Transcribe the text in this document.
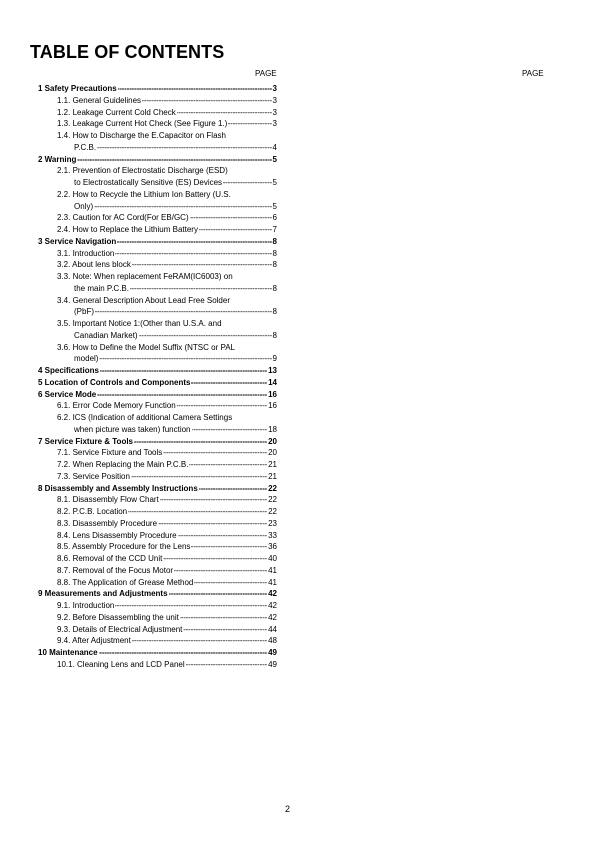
TABLE OF CONTENTS
PAGE	PAGE
1 Safety Precautions -----	3
1.1. General Guidelines -----	3
1.2. Leakage Current Cold Check -----	3
1.3. Leakage Current Hot Check (See Figure 1.) -----	3
1.4. How to Discharge the E.Capacitor on Flash
P.C.B. -----	4
2 Warning -----	5
2.1. Prevention of Electrostatic Discharge (ESD)
to Electrostatically Sensitive (ES) Devices -----	5
2.2. How to Recycle the Lithium Ion Battery (U.S.
Only) -----	5
2.3. Caution for AC Cord(For EB/GC) -----	6
2.4. How to Replace the Lithium Battery -----	7
3 Service Navigation -----	8
3.1. Introduction -----	8
3.2. About lens block -----	8
3.3. Note: When replacement FeRAM(IC6003) on
the main P.C.B. -----	8
3.4. General Description About Lead Free Solder
(PbF) -----	8
3.5. Important Notice 1:(Other than U.S.A. and
Canadian Market) -----	8
3.6. How to Define the Model Suffix (NTSC or PAL
model) -----	9
4 Specifications -----	13
5 Location of Controls and Components -----	14
6 Service Mode -----	16
6.1. Error Code Memory Function -----	16
6.2. ICS (Indication of additional Camera Settings
when picture was taken) function -----	18
7 Service Fixture & Tools -----	20
7.1. Service Fixture and Tools -----	20
7.2. When Replacing the Main P.C.B. -----	21
7.3. Service Position -----	21
8 Disassembly and Assembly Instructions -----	22
8.1. Disassembly Flow Chart -----	22
8.2. P.C.B. Location -----	22
8.3. Disassembly Procedure -----	23
8.4. Lens Disassembly Procedure -----	33
8.5. Assembly Procedure for the Lens -----	36
8.6. Removal of the CCD Unit -----	40
8.7. Removal of the Focus Motor -----	41
8.8. The Application of Grease Method -----	41
9 Measurements and Adjustments -----	42
9.1. Introduction -----	42
9.2. Before Disassembling the unit -----	42
9.3. Details of Electrical Adjustment -----	44
9.4. After Adjustment -----	48
10 Maintenance -----	49
10.1. Cleaning Lens and LCD Panel -----	49
2
